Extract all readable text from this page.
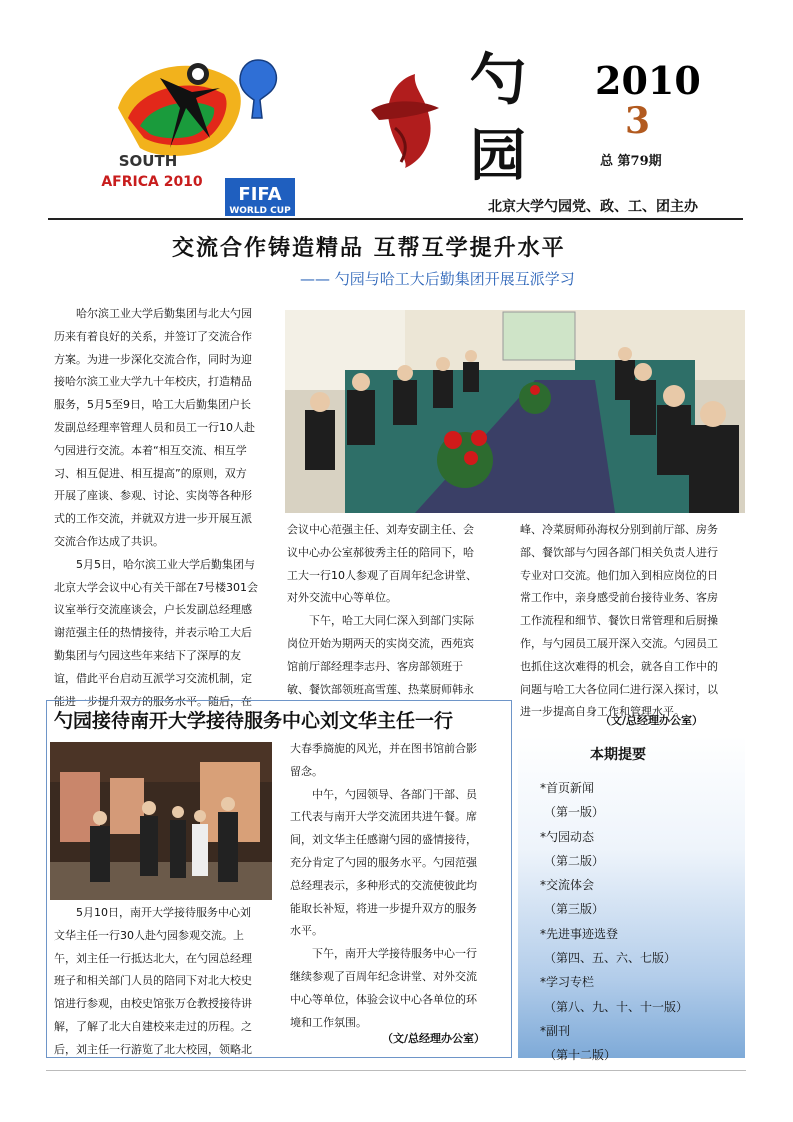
FIFA
WORLD CUP
SOUTH
AFRICA 2010
勺
园
2010
3
总 第79期
北京大学勺园党、政、工、团主办
交流合作铸造精品 互帮互学提升水平
—— 勺园与哈工大后勤集团开展互派学习
哈尔滨工业大学后勤集团与北大勺园
历来有着良好的关系，并签订了交流合作
方案。为进一步深化交流合作，同时为迎
接哈尔滨工业大学九十年校庆，打造精品
服务，5月5至9日，哈工大后勤集团户长
发副总经理率管理人员和员工一行10人赴
勺园进行交流。本着“相互交流、相互学
习、相互促进、相互提高”的原则，双方
开展了座谈、参观、讨论、实岗等各种形
式的工作交流，并就双方进一步开展互派
交流合作达成了共识。
5月5日，哈尔滨工业大学后勤集团与
北京大学会议中心有关干部在7号楼301会
议室举行交流座谈会，户长发副总经理感
谢范强主任的热情接待，并表示哈工大后
勤集团与勺园这些年来结下了深厚的友
谊，借此平台启动互派学习交流机制，定
能进一步提升双方的服务水平。随后，在
会议中心范强主任、刘寿安副主任、会
议中心办公室郝彼秀主任的陪同下，哈
工大一行10人参观了百周年纪念讲堂、
对外交流中心等单位。
下午，哈工大同仁深入到部门实际
岗位开始为期两天的实岗交流，西苑宾
馆前厅部经理李志丹、客房部领班于
敏、餐饮部领班高雪莲、热菜厨师韩永
峰、冷菜厨师孙海权分别到前厅部、房务
部、餐饮部与勺园各部门相关负责人进行
专业对口交流。他们加入到相应岗位的日
常工作中，亲身感受前台接待业务、客房
工作流程和细节、餐饮日常管理和后厨操
作，与勺园员工展开深入交流。勺园员工
也抓住这次难得的机会，就各自工作中的
问题与哈工大各位同仁进行深入探讨，以
进一步提高自身工作和管理水平。
（文/总经理办公室）
勺园接待南开大学接待服务中心刘文华主任一行
大春季旖旎的风光，并在图书馆前合影
留念。
中午，勺园领导、各部门干部、员
工代表与南开大学交流团共进午餐。席
间，刘文华主任感谢勺园的盛情接待，
充分肯定了勺园的服务水平。勺园范强
总经理表示，多种形式的交流使彼此均
能取长补短，将进一步提升双方的服务
水平。
下午，南开大学接待服务中心一行
继续参观了百周年纪念讲堂、对外交流
中心等单位，体验会议中心各单位的环
境和工作氛围。
5月10日，南开大学接待服务中心刘
文华主任一行30人赴勺园参观交流。上
午，刘主任一行抵达北大，在勺园总经理
班子和相关部门人员的陪同下对北大校史
馆进行参观，由校史馆张万仓教授接待讲
解，了解了北大自建校来走过的历程。之
后，刘主任一行游览了北大校园，领略北
（文/总经理办公室）
本期提要
*首页新闻
（第一版）
*勺园动态
（第二版）
*交流体会
（第三版）
*先进事迹选登
（第四、五、六、七版）
*学习专栏
（第八、九、十、十一版）
*副刊
（第十二版）
